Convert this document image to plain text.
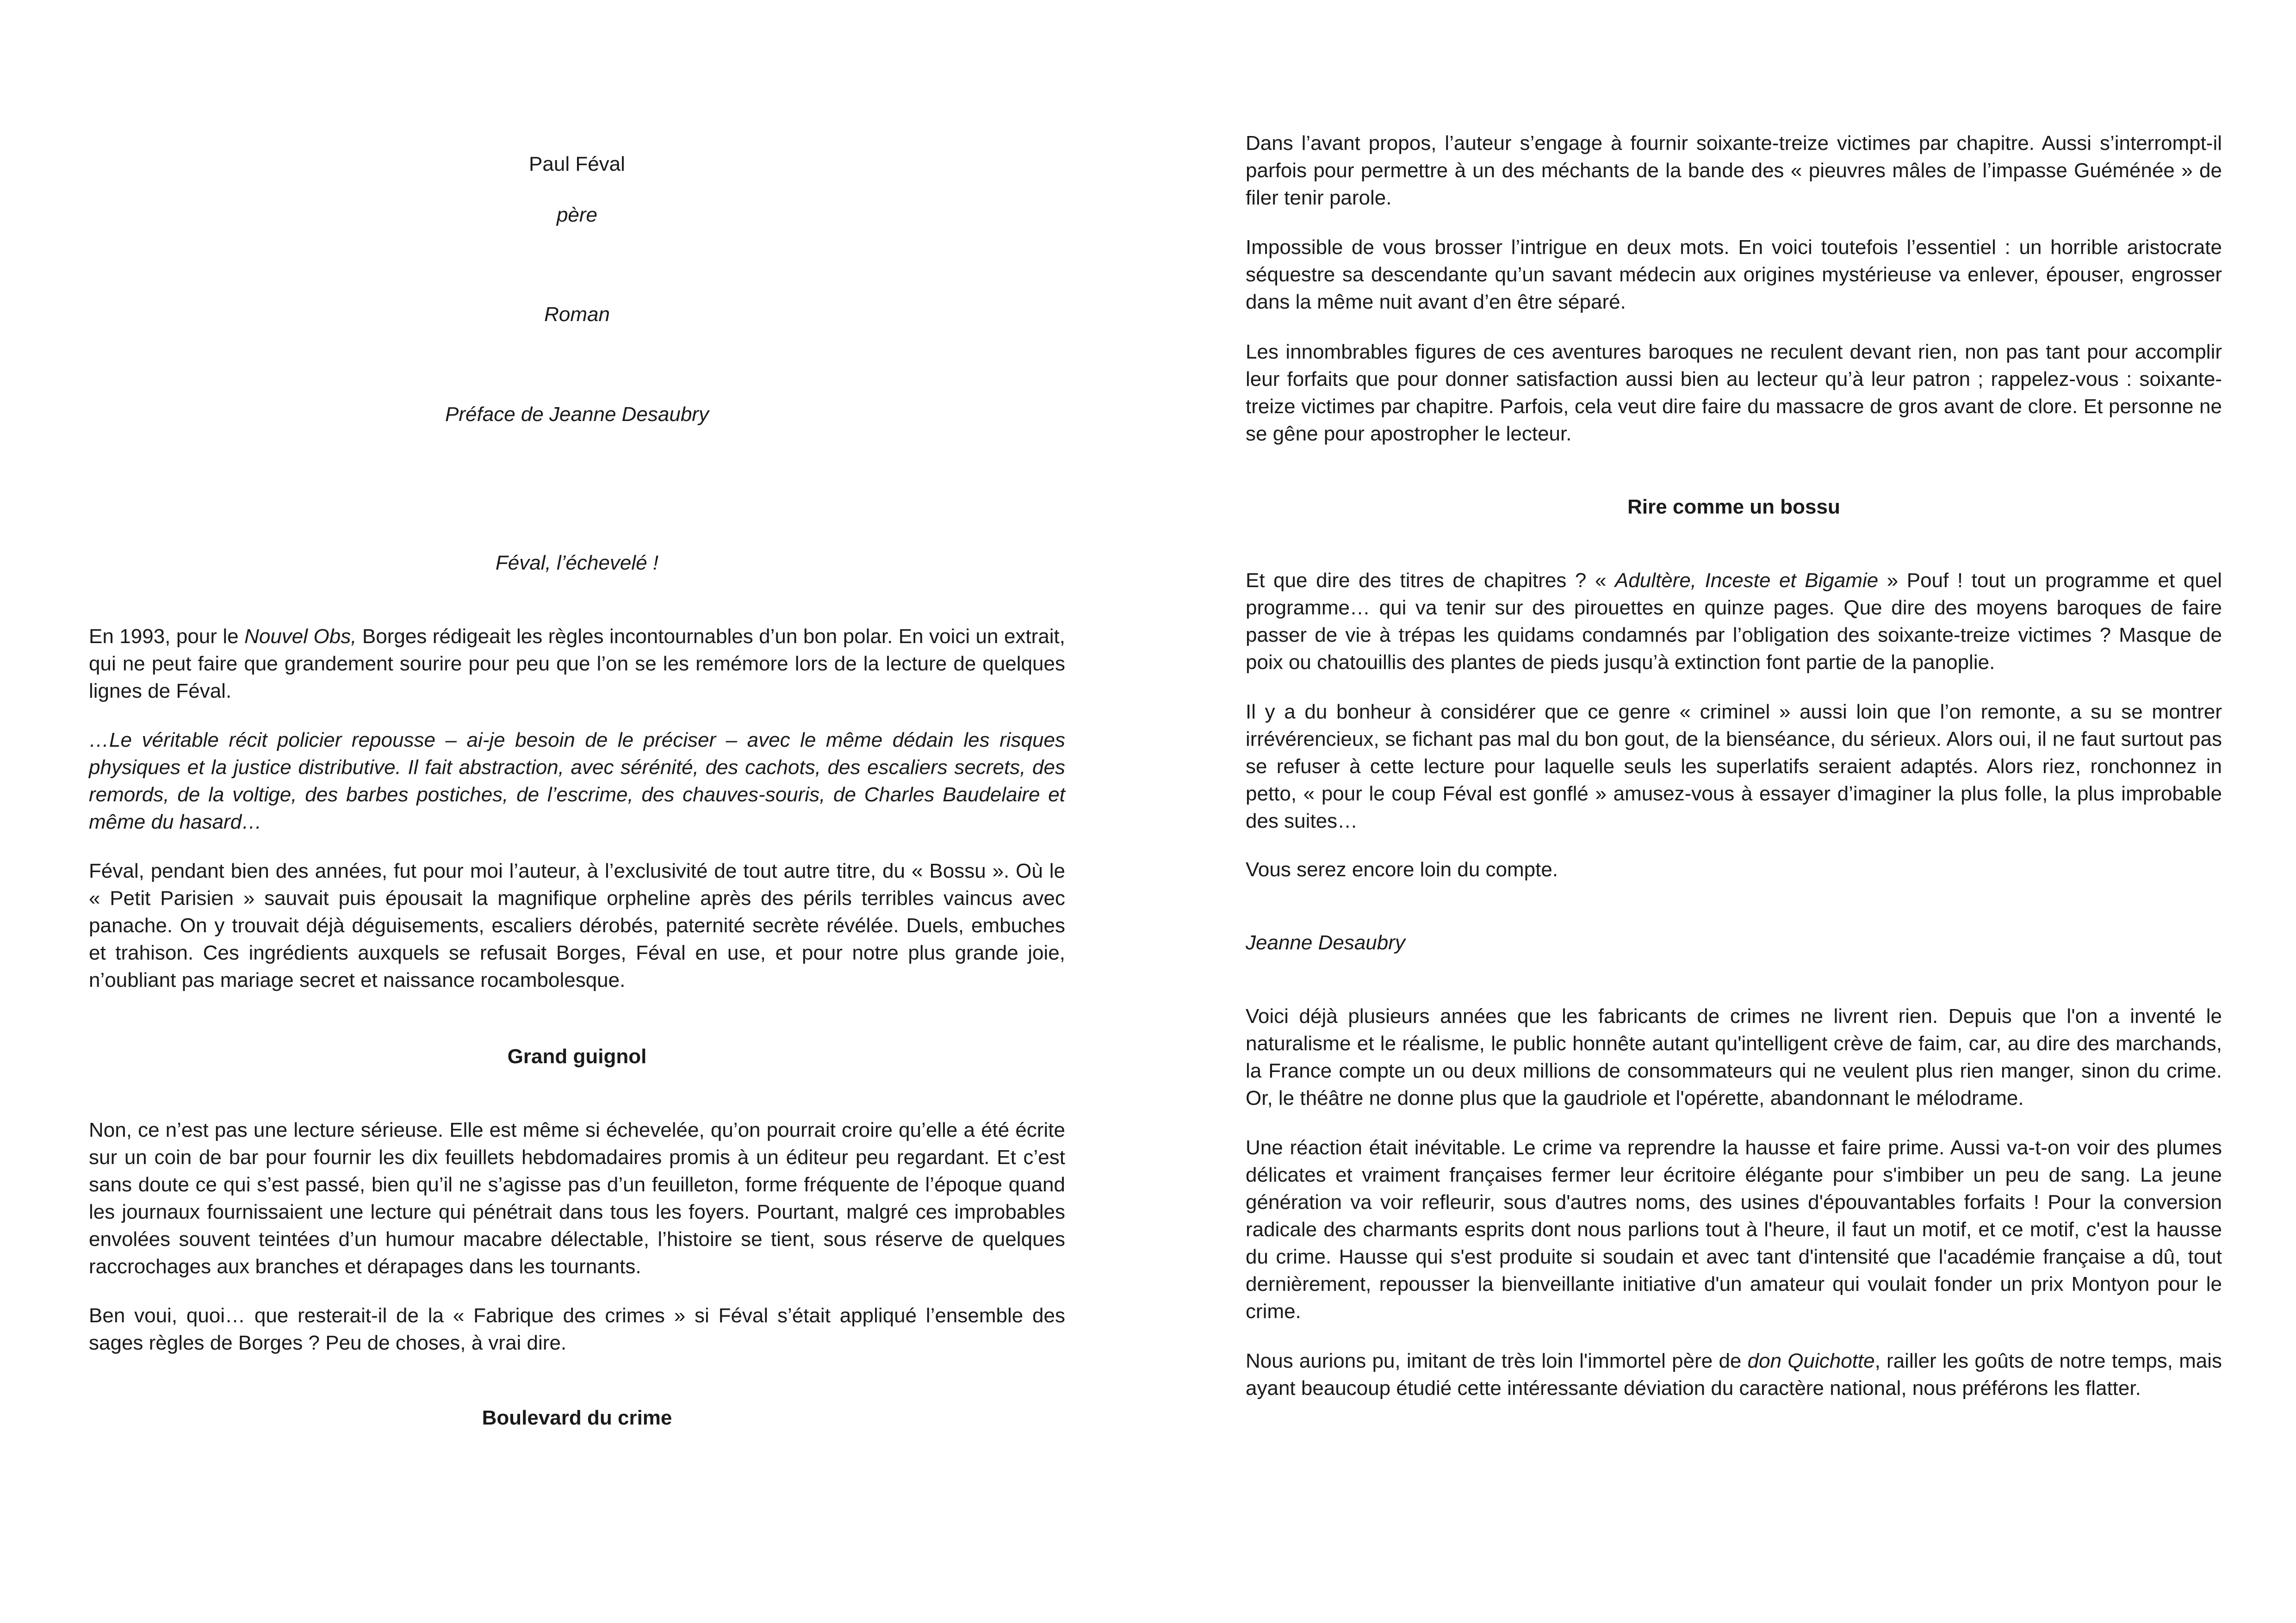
Paul Féval

père

Roman

Préface de Jeanne Desaubry

Féval, l’échevelé !

En 1993, pour le Nouvel Obs, Borges rédigeait les règles incontournables d’un bon polar. En voici un extrait, qui ne peut faire que grandement sourire pour peu que l’on se les remémore lors de la lecture de quelques lignes de Féval.

…Le véritable récit policier repousse – ai-je besoin de le préciser – avec le même dédain les risques physiques et la justice distributive. Il fait abstraction, avec sérénité, des cachots, des escaliers secrets, des remords, de la voltige, des barbes postiches, de l’escrime, des chauves-souris, de Charles Baudelaire et même du hasard…

Féval, pendant bien des années, fut pour moi l’auteur, à l’exclusivité de tout autre titre, du « Bossu ». Où le « Petit Parisien » sauvait puis épousait la magnifique orpheline après des périls terribles vaincus avec panache. On y trouvait déjà déguisements, escaliers dérobés, paternité secrète révélée. Duels, embuches et trahison. Ces ingrédients auxquels se refusait Borges, Féval en use, et pour notre plus grande joie, n’oubliant pas mariage secret et naissance rocambolesque.

Grand guignol

Non, ce n’est pas une lecture sérieuse. Elle est même si échevelée, qu’on pourrait croire qu’elle a été écrite sur un coin de bar pour fournir les dix feuillets hebdomadaires promis à un éditeur peu regardant. Et c’est sans doute ce qui s’est passé, bien qu’il ne s’agisse pas d’un feuilleton, forme fréquente de l’époque quand les journaux fournissaient une lecture qui pénétrait dans tous les foyers. Pourtant, malgré ces improbables envolées souvent teintées d’un humour macabre délectable, l’histoire se tient, sous réserve de quelques raccrochages aux branches et dérapages dans les tournants.

Ben voui, quoi… que resterait-il de la « Fabrique des crimes » si Féval s’était appliqué l’ensemble des sages règles de Borges ? Peu de choses, à vrai dire.

Boulevard du crime

Dans l’avant propos, l’auteur s’engage à fournir soixante-treize victimes par chapitre. Aussi s’interrompt-il parfois pour permettre à un des méchants de la bande des « pieuvres mâles de l’impasse Guéménée » de filer tenir parole.

Impossible de vous brosser l’intrigue en deux mots. En voici toutefois l’essentiel : un horrible aristocrate séquestre sa descendante qu’un savant médecin aux origines mystérieuse va enlever, épouser, engrosser dans la même nuit avant d’en être séparé.

Les innombrables figures de ces aventures baroques ne reculent devant rien, non pas tant pour accomplir leur forfaits que pour donner satisfaction aussi bien au lecteur qu’à leur patron ; rappelez-vous : soixante-treize victimes par chapitre. Parfois, cela veut dire faire du massacre de gros avant de clore. Et personne ne se gêne pour apostropher le lecteur.

Rire comme un bossu

Et que dire des titres de chapitres ? « Adultère, Inceste et Bigamie » Pouf ! tout un programme et quel programme… qui va tenir sur des pirouettes en quinze pages. Que dire des moyens baroques de faire passer de vie à trépas les quidams condamnés par l’obligation des soixante-treize victimes ? Masque de poix ou chatouillis des plantes de pieds jusqu’à extinction font partie de la panoplie.

Il y a du bonheur à considérer que ce genre « criminel » aussi loin que l’on remonte, a su se montrer irrévérencieux, se fichant pas mal du bon gout, de la bienséance, du sérieux. Alors oui, il ne faut surtout pas se refuser à cette lecture pour laquelle seuls les superlatifs seraient adaptés. Alors riez, ronchonnez in petto, « pour le coup Féval est gonflé » amusez-vous à essayer d’imaginer la plus folle, la plus improbable des suites…

Vous serez encore loin du compte.

Jeanne Desaubry

Voici déjà plusieurs années que les fabricants de crimes ne livrent rien. Depuis que l'on a inventé le naturalisme et le réalisme, le public honnête autant qu'intelligent crève de faim, car, au dire des marchands, la France compte un ou deux millions de consommateurs qui ne veulent plus rien manger, sinon du crime. Or, le théâtre ne donne plus que la gaudriole et l'opérette, abandonnant le mélodrame.

Une réaction était inévitable. Le crime va reprendre la hausse et faire prime. Aussi va-t-on voir des plumes délicates et vraiment françaises fermer leur écritoire élégante pour s'imbiber un peu de sang. La jeune génération va voir refleurir, sous d'autres noms, des usines d'épouvantables forfaits ! Pour la conversion radicale des charmants esprits dont nous parlions tout à l'heure, il faut un motif, et ce motif, c'est la hausse du crime. Hausse qui s'est produite si soudain et avec tant d'intensité que l'académie française a dû, tout dernièrement, repousser la bienveillante initiative d'un amateur qui voulait fonder un prix Montyon pour le crime.

Nous aurions pu, imitant de très loin l'immortel père de don Quichotte, railler les goûts de notre temps, mais ayant beaucoup étudié cette intéressante déviation du caractère national, nous préférons les flatter.
